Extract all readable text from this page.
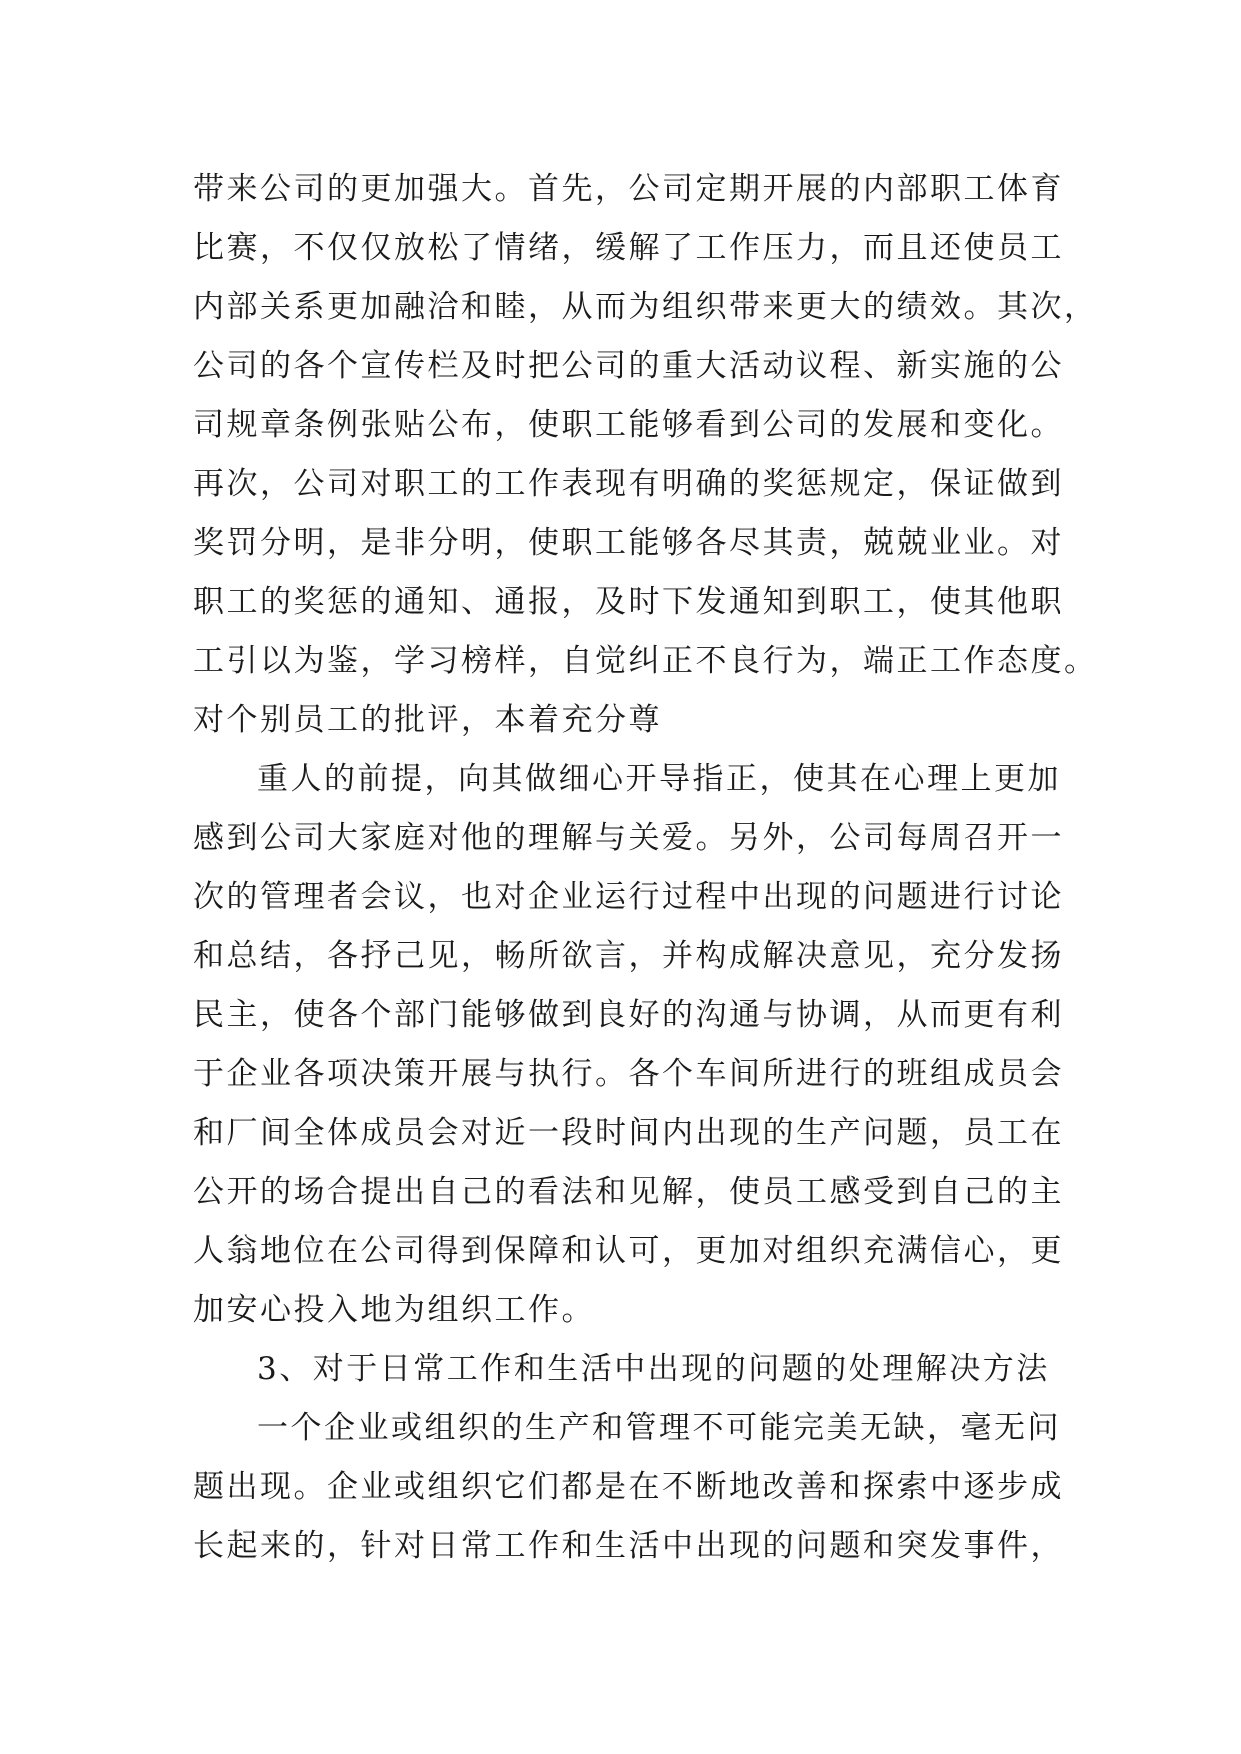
带来公司的更加强大。首先，公司定期开展的内部职工体育
比赛，不仅仅放松了情绪，缓解了工作压力，而且还使员工
内部关系更加融洽和睦，从而为组织带来更大的绩效。其次，
公司的各个宣传栏及时把公司的重大活动议程、新实施的公
司规章条例张贴公布，使职工能够看到公司的发展和变化。
再次，公司对职工的工作表现有明确的奖惩规定，保证做到
奖罚分明，是非分明，使职工能够各尽其责，兢兢业业。对
职工的奖惩的通知、通报，及时下发通知到职工，使其他职
工引以为鉴，学习榜样，自觉纠正不良行为，端正工作态度。
对个别员工的批评，本着充分尊
重人的前提，向其做细心开导指正，使其在心理上更加
感到公司大家庭对他的理解与关爱。另外，公司每周召开一
次的管理者会议，也对企业运行过程中出现的问题进行讨论
和总结，各抒己见，畅所欲言，并构成解决意见，充分发扬
民主，使各个部门能够做到良好的沟通与协调，从而更有利
于企业各项决策开展与执行。各个车间所进行的班组成员会
和厂间全体成员会对近一段时间内出现的生产问题，员工在
公开的场合提出自己的看法和见解，使员工感受到自己的主
人翁地位在公司得到保障和认可，更加对组织充满信心，更
加安心投入地为组织工作。
3、对于日常工作和生活中出现的问题的处理解决方法
一个企业或组织的生产和管理不可能完美无缺，毫无问
题出现。企业或组织它们都是在不断地改善和探索中逐步成
长起来的，针对日常工作和生活中出现的问题和突发事件，
